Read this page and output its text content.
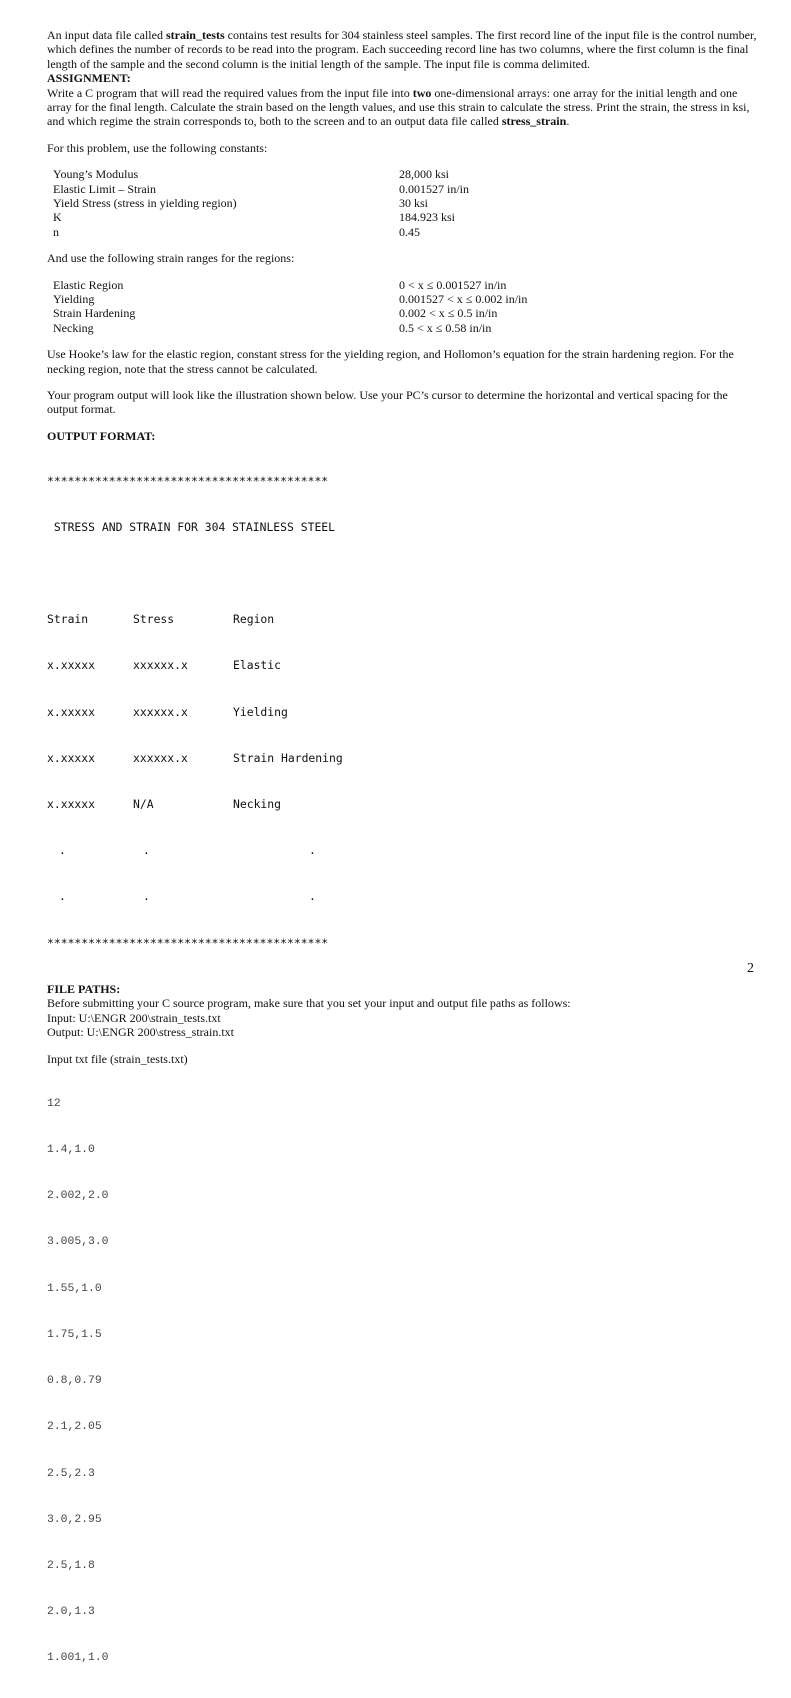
An input data file called strain_tests contains test results for 304 stainless steel samples. The first record line of the input file is the control number, which defines the number of records to be read into the program. Each succeeding record line has two columns, where the first column is the final length of the sample and the second column is the initial length of the sample. The input file is comma delimited.

ASSIGNMENT:

Write a C program that will read the required values from the input file into two one-dimensional arrays: one array for the initial length and one array for the final length. Calculate the strain based on the length values, and use this strain to calculate the stress. Print the strain, the stress in ksi, and which regime the strain corresponds to, both to the screen and to an output data file called stress_strain.

For this problem, use the following constants:

Young’s Modulus	28,000 ksi
Elastic Limit – Strain	0.001527 in/in
Yield Stress (stress in yielding region)	30 ksi
K	184.923 ksi
n	0.45

And use the following strain ranges for the regions:

Elastic Region	0 < x ≤ 0.001527 in/in
Yielding	0.001527 < x ≤ 0.002 in/in
Strain Hardening	0.002 < x ≤ 0.5 in/in
Necking	0.5 < x ≤ 0.58 in/in

Use Hooke’s law for the elastic region, constant stress for the yielding region, and Hollomon’s equation for the strain hardening region. For the necking region, note that the stress cannot be calculated.

Your program output will look like the illustration shown below. Use your PC’s cursor to determine the horizontal and vertical spacing for the output format.

OUTPUT FORMAT:

*****************************************

STRESS AND STRAIN FOR 304 STAINLESS STEEL

Strain	Stress	Region

x.xxxxx	xxxxxx.x	Elastic

x.xxxxx	xxxxxx.x	Yielding

x.xxxxx	xxxxxx.x	Strain Hardening

x.xxxxx	N/A	Necking

.	.	.

.	.	.

*****************************************

FILE PATHS:

Before submitting your C source program, make sure that you set your input and output file paths as follows:

Input: U:\ENGR 200\strain_tests.txt

Output: U:\ENGR 200\stress_strain.txt

Input txt file (strain_tests.txt)

12

1.4,1.0

2.002,2.0

3.005,3.0

1.55,1.0

1.75,1.5

0.8,0.79

2.1,2.05

2.5,2.3

3.0,2.95

2.5,1.8

2.0,1.3

1.001,1.0

2
